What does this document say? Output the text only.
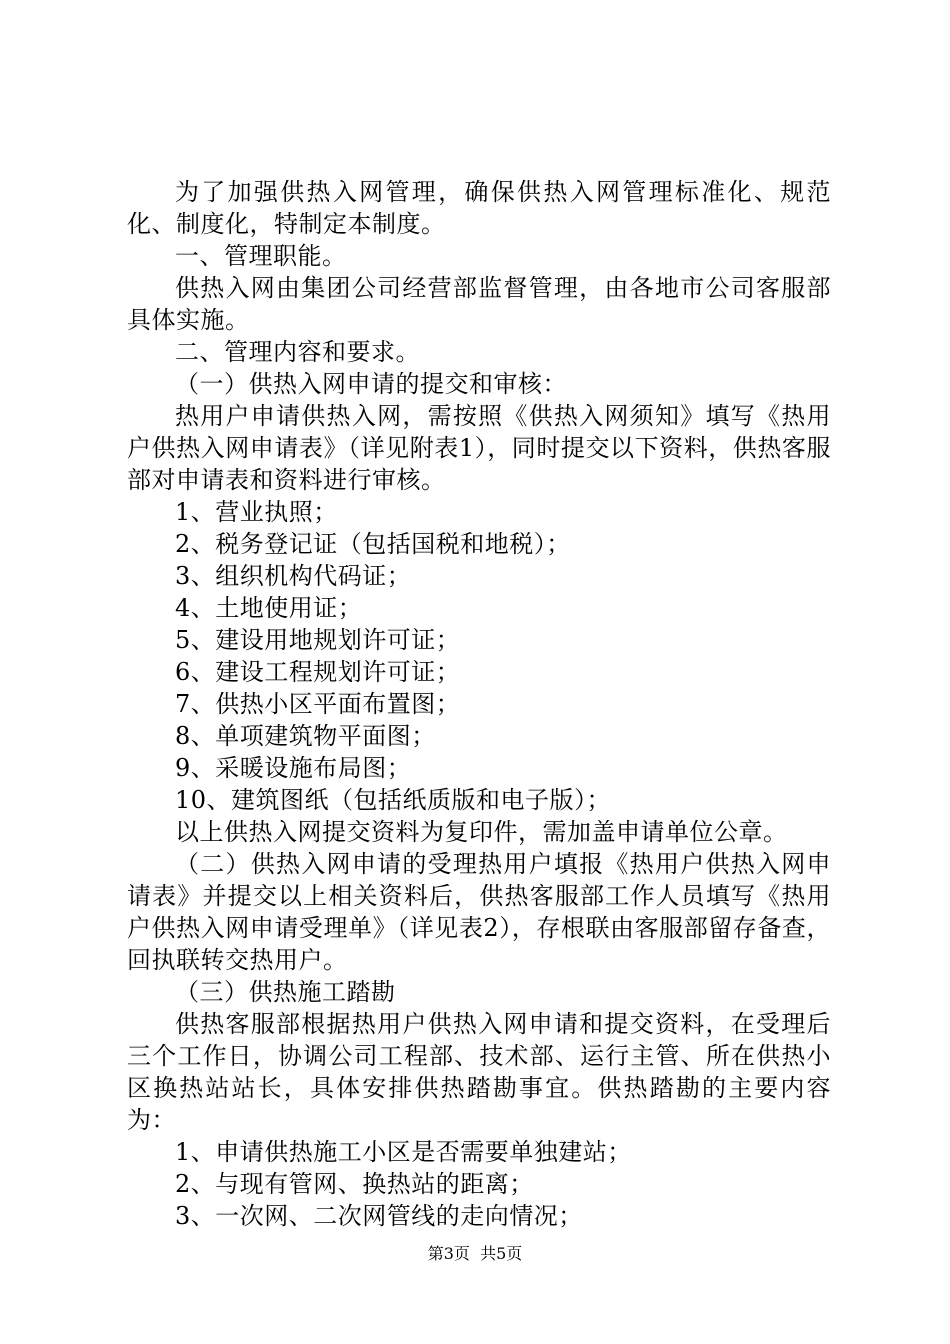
为了加强供热入网管理，确保供热入网管理标准化、规范化、制度化，特制定本制度。

一、管理职能。

供热入网由集团公司经营部监督管理，由各地市公司客服部具体实施。

二、管理内容和要求。

（一）供热入网申请的提交和审核：

热用户申请供热入网，需按照《供热入网须知》填写《热用户供热入网申请表》（详见附表1），同时提交以下资料，供热客服部对申请表和资料进行审核。

1、营业执照；

2、税务登记证（包括国税和地税）；

3、组织机构代码证；

4、土地使用证；

5、建设用地规划许可证；

6、建设工程规划许可证；

7、供热小区平面布置图；

8、单项建筑物平面图；

9、采暖设施布局图；

10、建筑图纸（包括纸质版和电子版）；

以上供热入网提交资料为复印件，需加盖申请单位公章。

（二）供热入网申请的受理热用户填报《热用户供热入网申请表》并提交以上相关资料后，供热客服部工作人员填写《热用户供热入网申请受理单》（详见表2），存根联由客服部留存备查，回执联转交热用户。

（三）供热施工踏勘

供热客服部根据热用户供热入网申请和提交资料，在受理后三个工作日，协调公司工程部、技术部、运行主管、所在供热小区换热站站长，具体安排供热踏勘事宜。供热踏勘的主要内容为：

1、申请供热施工小区是否需要单独建站；

2、与现有管网、换热站的距离；

3、一次网、二次网管线的走向情况；

第3页  共5页
